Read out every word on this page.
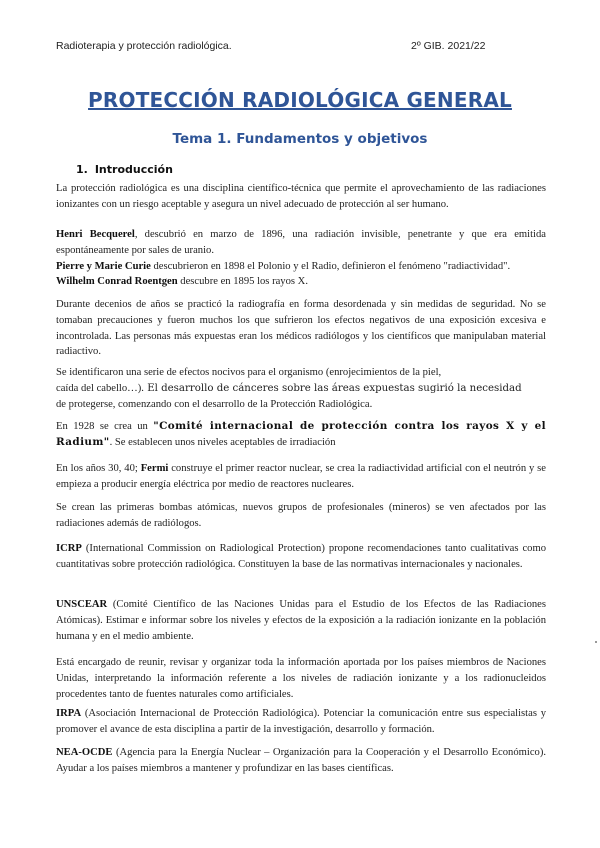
Radioterapia y protección radiológica.	2º GIB. 2021/22
PROTECCIÓN RADIOLÓGICA GENERAL
Tema 1. Fundamentos y objetivos
1. Introducción
La protección radiológica es una disciplina científico-técnica que permite el aprovechamiento de las radiaciones ionizantes con un riesgo aceptable y asegura un nivel adecuado de protección al ser humano.

Henri Becquerel, descubrió en marzo de 1896, una radiación invisible, penetrante y que era emitida espontáneamente por sales de uranio.

Pierre y Marie Curie descubrieron en 1898 el Polonio y el Radio, definieron el fenómeno "radiactividad".

Wilhelm Conrad Roentgen descubre en 1895 los rayos X.

Durante decenios de años se practicó la radiografía en forma desordenada y sin medidas de seguridad. No se tomaban precauciones y fueron muchos los que sufrieron los efectos negativos de una exposición excesiva e incontrolada. Las personas más expuestas eran los médicos radiólogos y los científicos que manipulaban material radiactivo.
Se identificaron una serie de efectos nocivos para el organismo (enrojecimientos de la piel,
caída del cabello…). El desarrollo de cánceres sobre las áreas expuestas sugirió la necesidad
de protegerse, comenzando con el desarrollo de la Protección Radiológica.
En 1928 se crea un "Comité internacional de protección contra los rayos X y el Radium". Se establecen unos niveles aceptables de irradiación
En los años 30, 40; Fermi construye el primer reactor nuclear, se crea la radiactividad artificial con el neutrón y se empieza a producir energía eléctrica por medio de reactores nucleares.
Se crean las primeras bombas atómicas, nuevos grupos de profesionales (mineros) se ven afectados por las radiaciones además de radiólogos.
ICRP (International Commission on Radiological Protection) propone recomendaciones tanto cualitativas como cuantitativas sobre protección radiológica. Constituyen la base de las normativas internacionales y nacionales.
UNSCEAR (Comité Científico de las Naciones Unidas para el Estudio de los Efectos de las Radiaciones Atómicas). Estimar e informar sobre los niveles y efectos de la exposición a la radiación ionizante en la población humana y en el medio ambiente.
Está encargado de reunir, revisar y organizar toda la información aportada por los países miembros de Naciones Unidas, interpretando la información referente a los niveles de radiación ionizante y a los radionucleidos procedentes tanto de fuentes naturales como artificiales.
IRPA (Asociación Internacional de Protección Radiológica). Potenciar la comunicación entre sus especialistas y promover el avance de esta disciplina a partir de la investigación, desarrollo y formación.
NEA-OCDE (Agencia para la Energía Nuclear – Organización para la Cooperación y el Desarrollo Económico). Ayudar a los países miembros a mantener y profundizar en las bases científicas.
